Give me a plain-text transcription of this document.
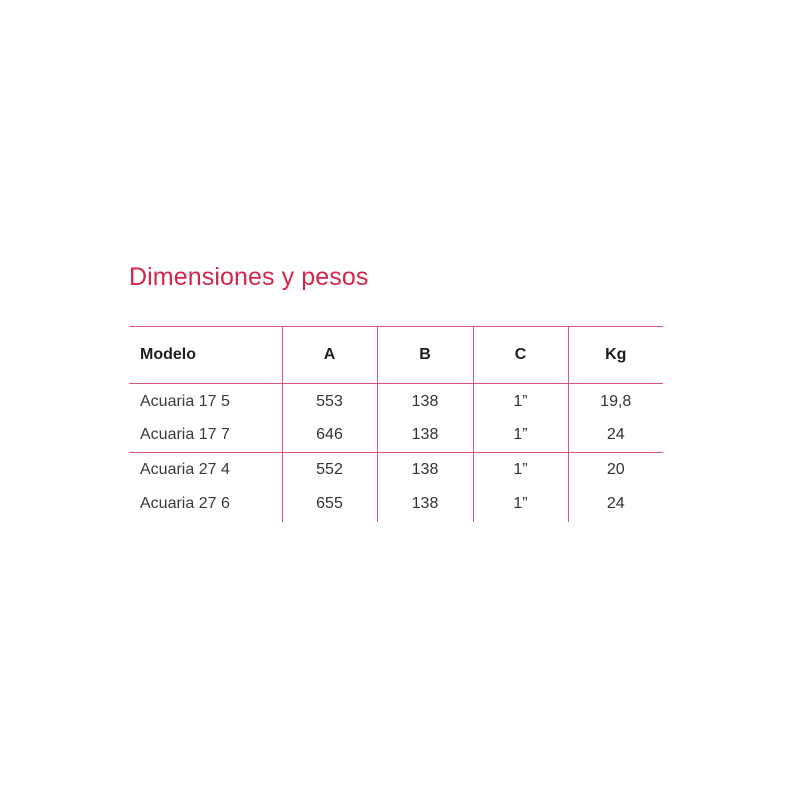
Dimensiones y pesos
Modelo	A	B	C	Kg
Acuaria 17 5	553	138	1”	19,8
Acuaria 17 7	646	138	1”	24
Acuaria 27 4	552	138	1”	20
Acuaria 27 6	655	138	1”	24
